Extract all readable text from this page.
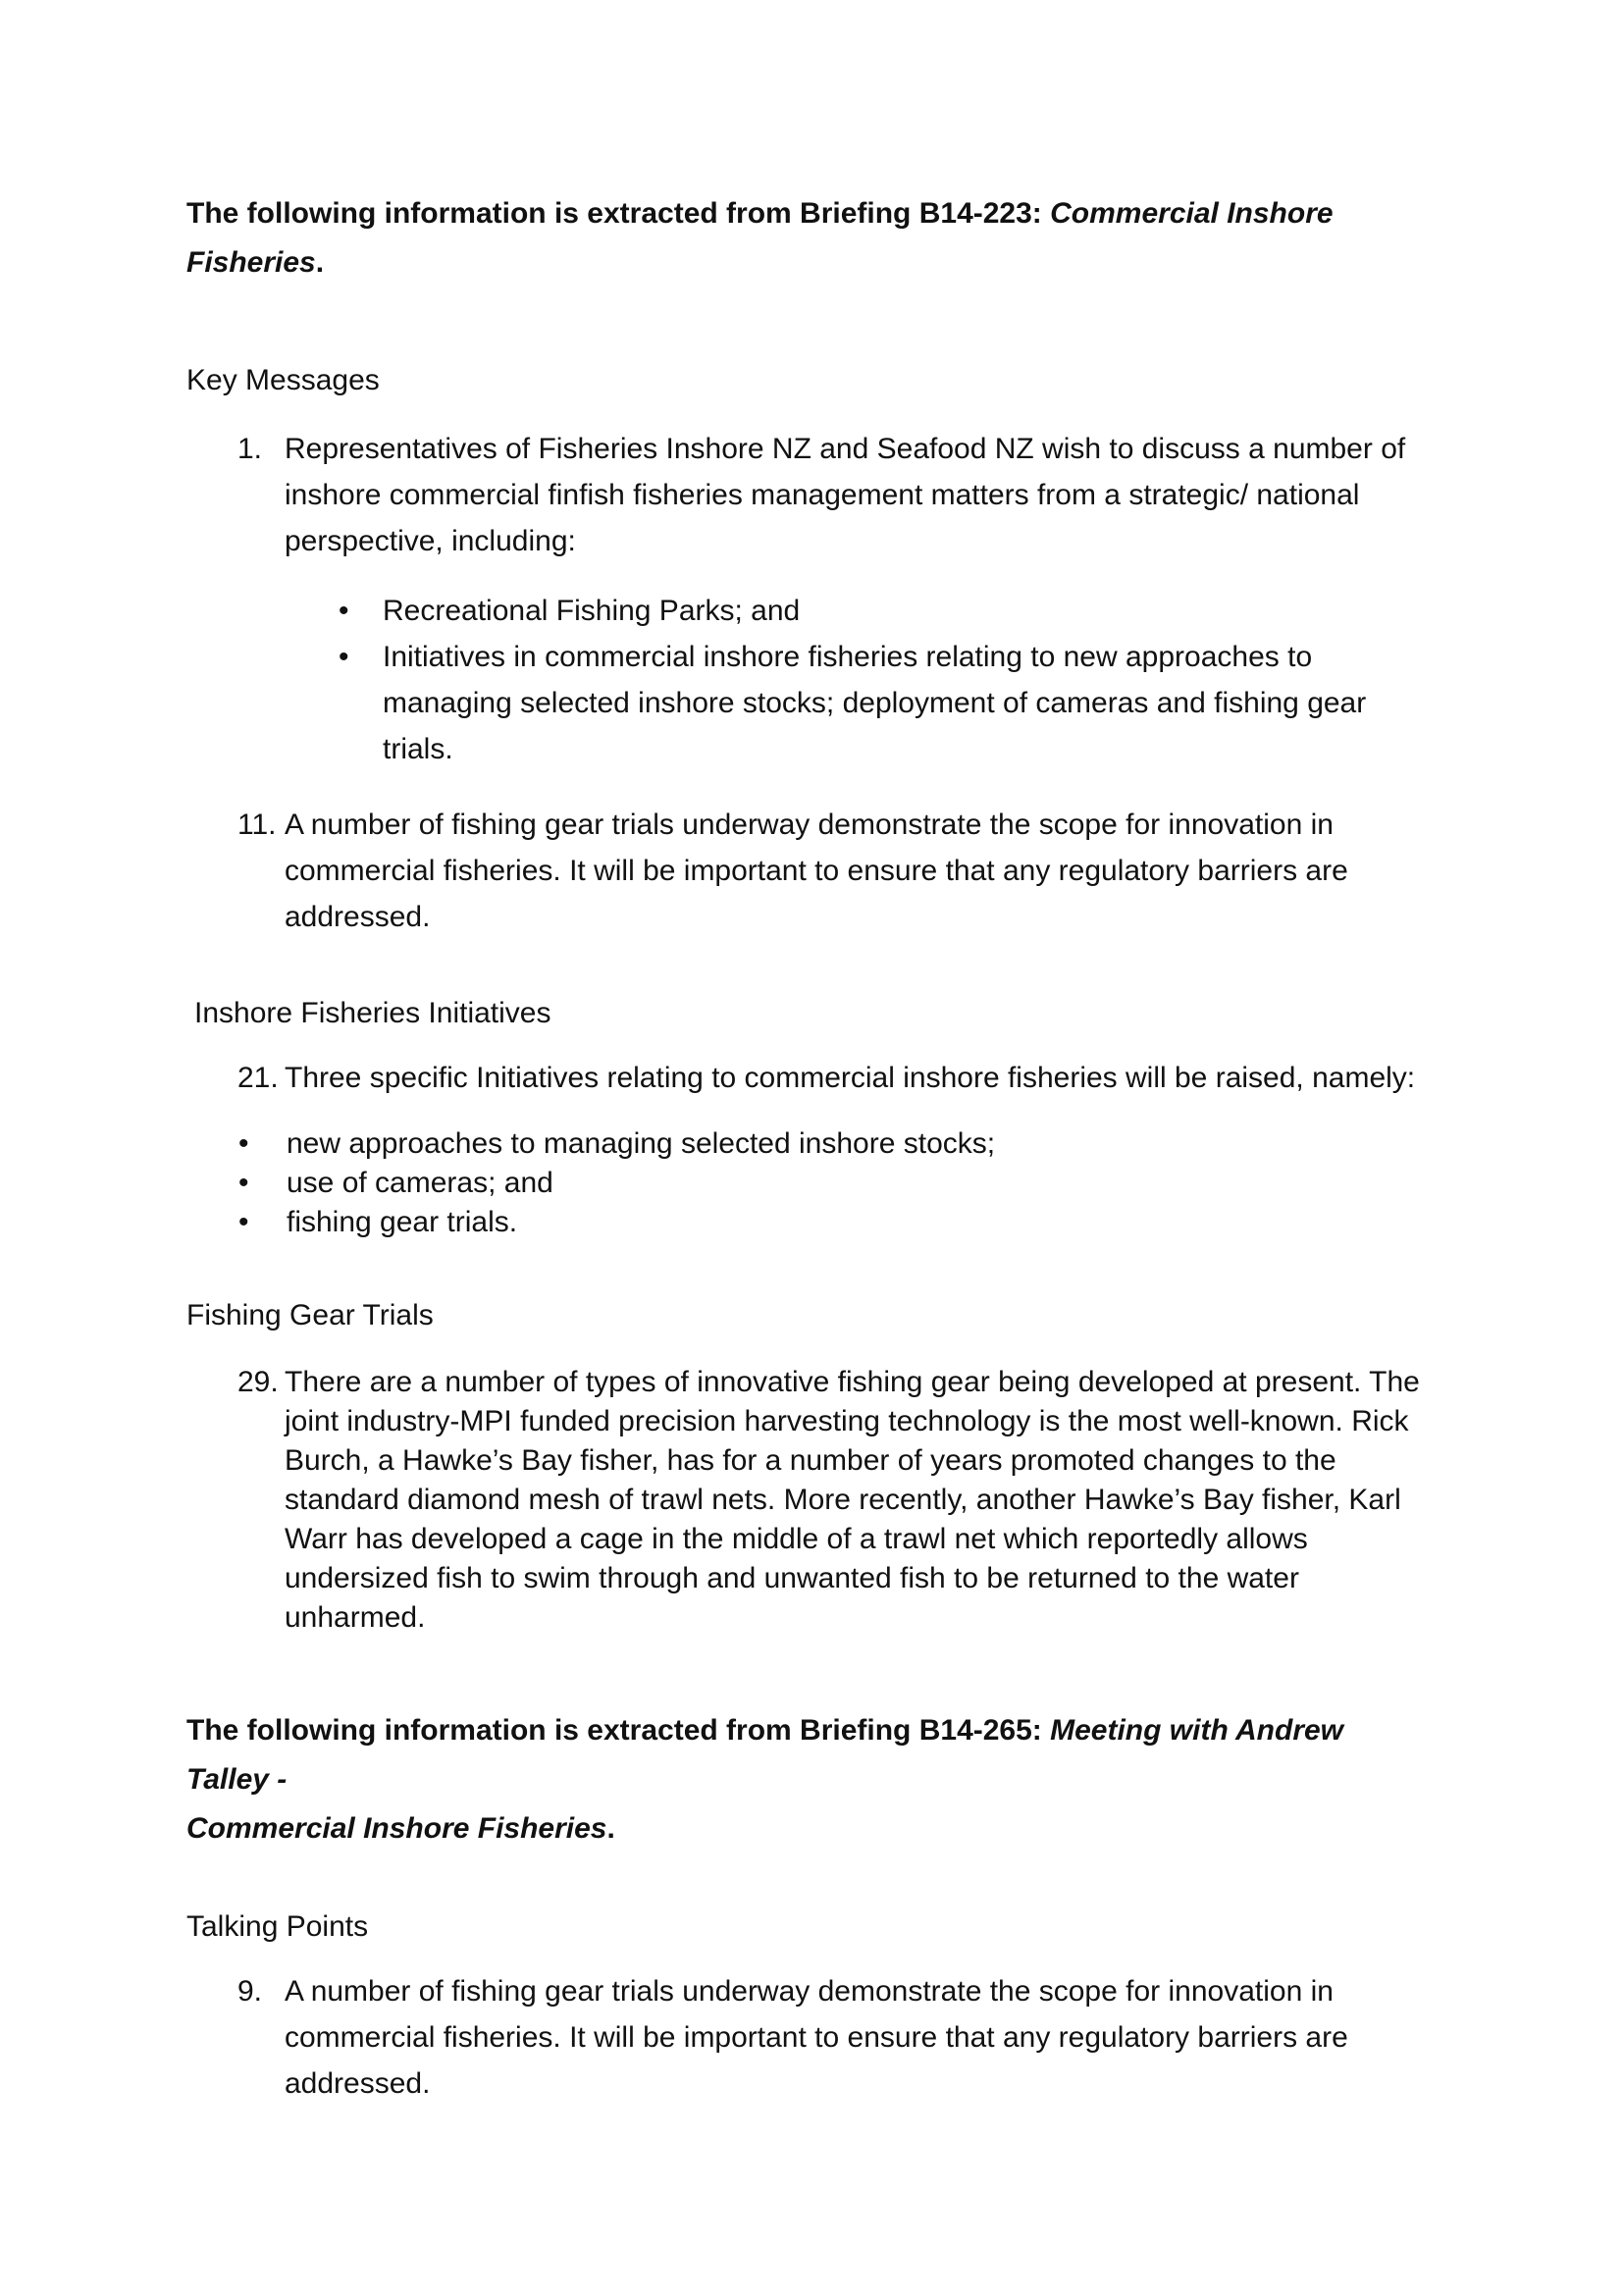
The following information is extracted from Briefing B14-223: Commercial Inshore Fisheries.

Key Messages

1. Representatives of Fisheries Inshore NZ and Seafood NZ wish to discuss a number of inshore commercial finfish fisheries management matters from a strategic/ national perspective, including:
•	Recreational Fishing Parks; and
•	Initiatives in commercial inshore fisheries relating to new approaches to managing selected inshore stocks; deployment of cameras and fishing gear trials.
11. A number of fishing gear trials underway demonstrate the scope for innovation in commercial fisheries. It will be important to ensure that any regulatory barriers are addressed.

Inshore Fisheries Initiatives

21. Three specific Initiatives relating to commercial inshore fisheries will be raised, namely:
•	new approaches to managing selected inshore stocks;
•	use of cameras; and
•	fishing gear trials.

Fishing Gear Trials

29. There are a number of types of innovative fishing gear being developed at present. The joint industry-MPI funded precision harvesting technology is the most well-known. Rick Burch, a Hawke’s Bay fisher, has for a number of years promoted changes to the standard diamond mesh of trawl nets. More recently, another Hawke’s Bay fisher, Karl Warr has developed a cage in the middle of a trawl net which reportedly allows undersized fish to swim through and unwanted fish to be returned to the water unharmed.

The following information is extracted from Briefing B14-265: Meeting with Andrew Talley -
Commercial Inshore Fisheries.

Talking Points

9. A number of fishing gear trials underway demonstrate the scope for innovation in commercial fisheries. It will be important to ensure that any regulatory barriers are addressed.
